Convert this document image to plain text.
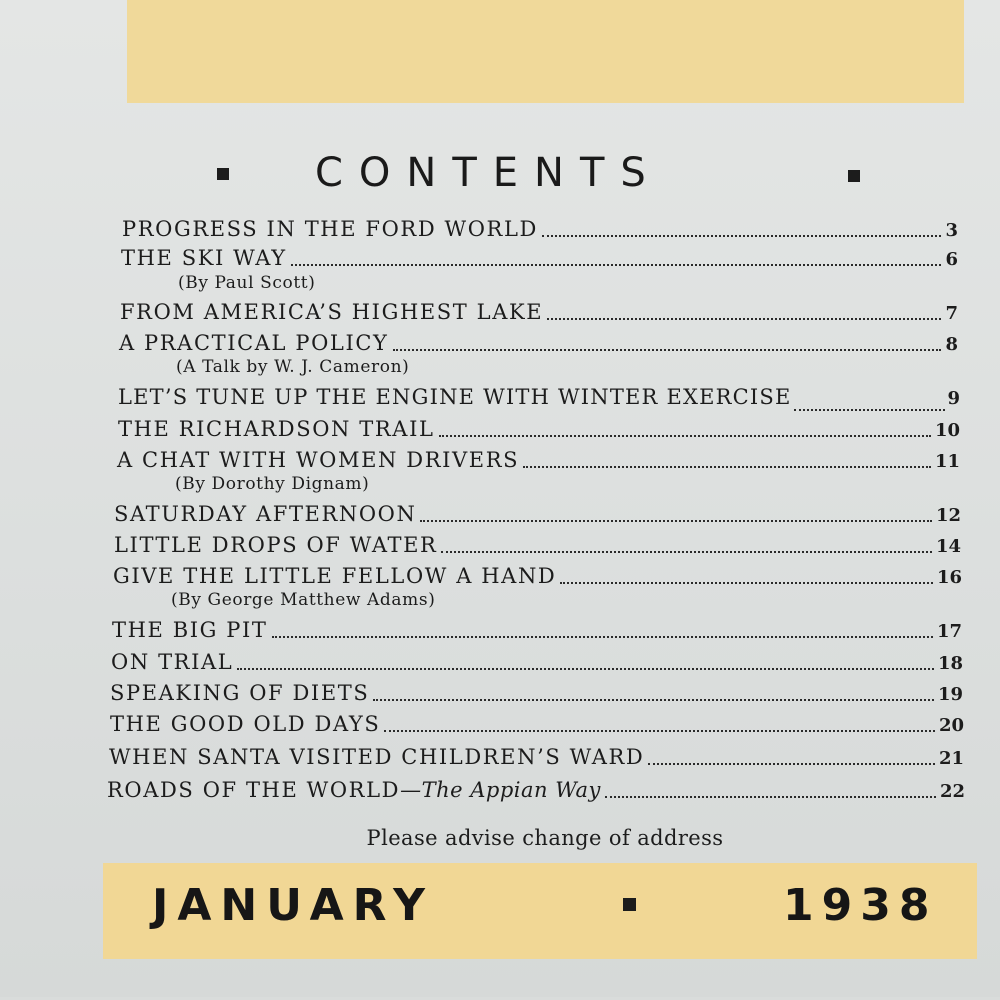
CONTENTS
PROGRESS IN THE FORD WORLD	3
THE SKI WAY	6
(By Paul Scott)
FROM AMERICA’S HIGHEST LAKE	7
A PRACTICAL POLICY	8
(A Talk by W. J. Cameron)
LET’S TUNE UP THE ENGINE WITH WINTER EXERCISE	9
THE RICHARDSON TRAIL	10
A CHAT WITH WOMEN DRIVERS	11
(By Dorothy Dignam)
SATURDAY AFTERNOON	12
LITTLE DROPS OF WATER	14
GIVE THE LITTLE FELLOW A HAND	16
(By George Matthew Adams)
THE BIG PIT	17
ON TRIAL	18
SPEAKING OF DIETS	19
THE GOOD OLD DAYS	20
WHEN SANTA VISITED CHILDREN’S WARD	21
ROADS OF THE WORLD —The Appian Way	22
Please advise change of address
JANUARY	1938
